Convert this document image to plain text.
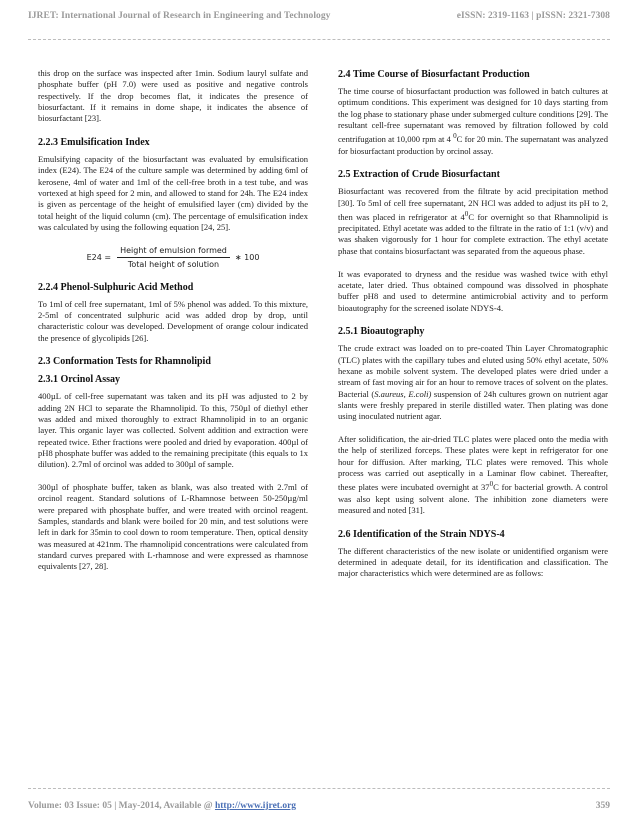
IJRET: International Journal of Research in Engineering and Technology	eISSN: 2319-1163 | pISSN: 2321-7308

this drop on the surface was inspected after 1min. Sodium lauryl sulfate and phosphate buffer (pH 7.0) were used as positive and negative controls respectively. If the drop becomes flat, it indicates the presence of biosurfactant. If it remains in dome shape, it indicates the absence of biosurfactant [23].

2.2.3 Emulsification Index

Emulsifying capacity of the biosurfactant was evaluated by emulsification index (E24). The E24 of the culture sample was determined by adding 6ml of kerosene, 4ml of water and 1ml of the cell-free broth in a test tube, and was vortexed at high speed for 2 min, and allowed to stand for 24h. The E24 index is given as percentage of the height of emulsified layer (cm) divided by the total height of the liquid column (cm). The percentage of emulsification index was calculated by using the following equation [24, 25].

$E24 = \frac{\text{Height of emulsion formed}}{\text{Total height of solution}}$ ∗ 100
2.2.4 Phenol-Sulphuric Acid Method

To 1ml of cell free supernatant, 1ml of 5% phenol was added. To this mixture, 2-5ml of concentrated sulphuric acid was added drop by drop, until characteristic colour was developed. Development of orange colour indicated the presence of glycolipids [26].

2.3 Conformation Tests for Rhamnolipid
2.3.1 Orcinol Assay

400µL of cell-free supernatant was taken and its pH was adjusted to 2 by adding 2N HCl to separate the Rhamnolipid. To this, 750µl of diethyl ether was added and mixed thoroughly to extract Rhamnolipid in to an organic layer. This organic layer was collected. Solvent addition and extraction were repeated twice. Ether fractions were pooled and dried by evaporation. 400µl of pH8 phosphate buffer was added to the remaining precipitate (this equals to 1x dilution). 2.7ml of orcinol was added to 300µl of sample.

300µl of phosphate buffer, taken as blank, was also treated with 2.7ml of orcinol reagent. Standard solutions of L-Rhamnose between 50-250µg/ml were prepared with phosphate buffer, and were treated with orcinol reagent. Samples, standards and blank were boiled for 20 min, and test solutions were left in dark for 35min to cool down to room temperature. Then, optical density was measured at 421nm. The rhamnolipid concentrations were calculated from standard curves prepared with L-rhamnose and were expressed as rhamnose equivalents [27, 28].

2.4 Time Course of Biosurfactant Production

The time course of biosurfactant production was followed in batch cultures at optimum conditions. This experiment was designed for 10 days starting from the log phase to stationary phase under submerged culture conditions [29]. The resultant cell-free supernatant was removed by filtration followed by cold centrifugation at 10,000 rpm at 4 $^0$C for 20 min. The supernatant was analyzed for biosurfactant production by orcinol assay.

2.5 Extraction of Crude Biosurfactant

Biosurfactant was recovered from the filtrate by acid precipitation method [30]. To 5ml of cell free supernatant, 2N HCl was added to adjust its pH to 2, then was placed in refrigerator at $4^0C$ for overnight so that Rhamnolipid is precipitated. Ethyl acetate was added to the filtrate in the ratio of 1:1 (v/v) and was shaken vigorously for 1 hour for complete extraction. The ethyl acetate phase that contains biosurfactant was separated from the aqueous phase.

It was evaporated to dryness and the residue was washed twice with ethyl acetate, later dried. Thus obtained compound was dissolved in phosphate buffer pH8 and used to determine antimicrobial activity and to perform bioautography for the screened isolate NDYS-4.

2.5.1 Bioautography

The crude extract was loaded on to pre-coated Thin Layer Chromatographic (TLC) plates with the capillary tubes and eluted using 50% ethyl acetate, 50% hexane as mobile solvent system. The developed plates were dried under a stream of fast moving air for an hour to remove traces of solvent on the plates. Bacterial (S.aureus, E.coli) suspension of 24h cultures grown on nutrient agar slants were freshly prepared in sterile distilled water. Then plating was done using inoculated nutrient agar.

After solidification, the air-dried TLC plates were placed onto the media with the help of sterilized forceps. These plates were kept in refrigerator for one hour for diffusion. After marking, TLC plates were removed. This whole process was carried out aseptically in a Laminar flow cabinet. Thereafter, these plates were incubated overnight at $37^0C$ for bacterial growth. A control was also kept using solvent alone. The inhibition zone diameters were measured and noted [31].

2.6 Identification of the Strain NDYS-4

The different characteristics of the new isolate or unidentified organism were determined in adequate detail, for its identification and classification. The major characteristics which were determined are as follows:

Volume: 03 Issue: 05 | May-2014, Available @ http://www.ijret.org	359
